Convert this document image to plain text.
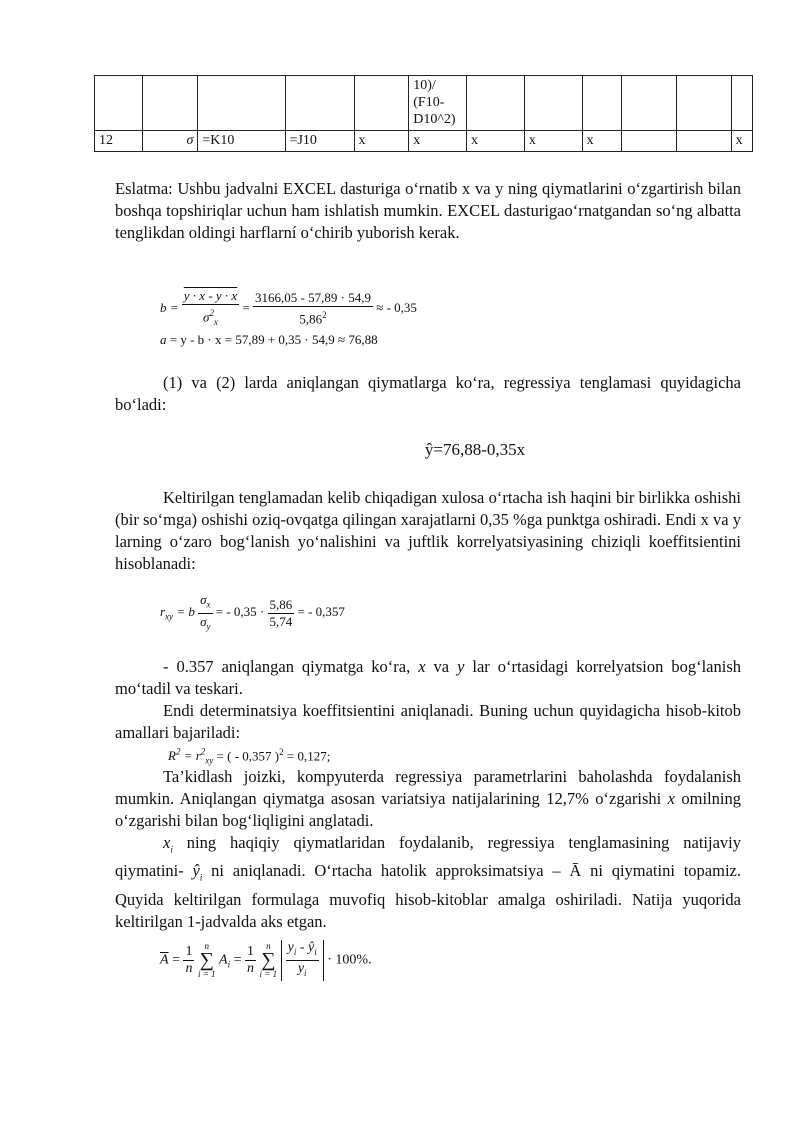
					10)/ (F10- D10^2)						
12	σ	=K10	=J10	x	x	x	x	x			x

Eslatma: Ushbu jadvalni EXCEL dasturiga o‘rnatib x va y ning qiymatlarini o‘zgartirish bilan boshqa topshiriqlar uchun ham ishlatish mumkin. EXCEL dasturigao‘rnatgandan so‘ng albatta tenglikdan oldingi harflarní o‘chirib yuborish kerak.

$b = \frac{y \cdot x - y \cdot x}{\sigma^2_x} = \frac{3166,05 - 57,89 \cdot 54,9}{5,86^2}$ ≈ - 0,35
a = y - b · x = 57,89 + 0,35 · 54,9 ≈ 76,88

(1) va (2) larda aniqlangan qiymatlarga ko‘ra, regressiya tenglamasi quyidagicha bo‘ladi:

ŷ=76,88-0,35x

Keltirilgan tenglamadan kelib chiqadigan xulosa o‘rtacha ish haqini bir birlikka oshishi (bir so‘mga) oshishi oziq-ovqatga qilingan xarajatlarni 0,35 %ga punktga oshiradi. Endi x va y larning o‘zaro bog‘lanish yo‘nalishini va juftlik korrelyatsiyasining chiziqli koeffitsientini hisoblanadi:

$r_{xy} = b \frac{\sigma_x}{\sigma_y}$ = - $0,35 \cdot \frac{5,86}{5,74}$ = - 0,357

- 0.357 aniqlangan qiymatga ko‘ra, x va y lar o‘rtasidagi korrelyatsion bog‘lanish mo‘tadil va teskari.

Endi determinatsiya koeffitsientini aniqlanadi. Buning uchun quyidagicha hisob-kitob amallari bajariladi:

$R^2 = r^2_{xy}$ = ( - 0,357 )$^2$ = 0,127;

Ta’kidlash joizki, kompyuterda regressiya parametrlarini baholashda foydalanish mumkin. Aniqlangan qiymatga asosan variatsiya natijalarining 12,7% o‘zgarishi x omilning o‘zgarishi bilan bog‘liqligini anglatadi.

$x_i$ ning haqiqiy qiymatlaridan foydalanib, regressiya tenglamasining natijaviy qiymatini- $ŷ_i$ ni aniqlanadi. O‘rtacha hatolik approksimatsiya – Ā ni qiymatini topamiz. Quyida keltirilgan formulaga muvofiq hisob-kitoblar amalga oshiriladi. Natija yuqorida keltirilgan 1-jadvalda aks etgan.

$\overline{A} = \frac{1}{n}$ n
∑
i = 1 $A_i = \frac{1}{n}$ n
∑
$i = 1 \frac{y_i - ŷ_i}{y_i} \cdot 100\%$.
